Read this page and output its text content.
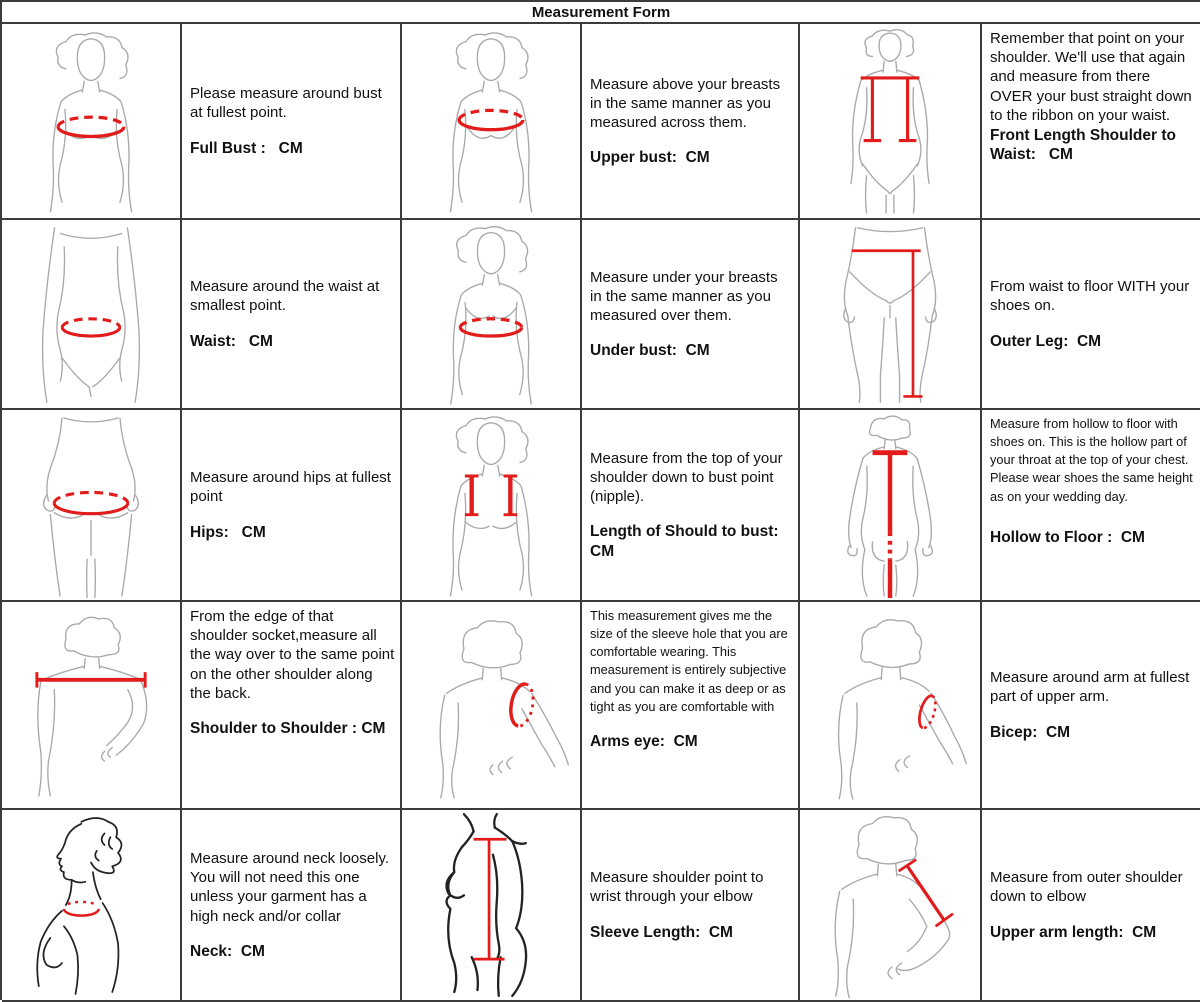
Measurement Form

Please measure around bust at fullest point.

Full Bust :   CM

Measure above your breasts in the same manner as you measured across them.

Upper bust:  CM

Remember that point on your shoulder. We'll use that again and measure from there OVER your bust straight down to the ribbon on your waist.

Front Length Shoulder to Waist:   CM

Measure around the waist at smallest point.

Waist:   CM

Measure under your breasts in the same manner as you measured over them.

Under bust:  CM

From waist to floor WITH your shoes on.

Outer Leg:  CM

Measure around hips at fullest point

Hips:   CM

Measure from the top of your shoulder down to bust point (nipple).

Length of Should to bust:  CM

Measure from hollow to floor with shoes on. This is the hollow part of your throat at the top of your chest. Please wear shoes the same height as on your wedding day.

Hollow to Floor :  CM

From the edge of that shoulder socket,measure all the way over to the same point on the other shoulder along the back.

Shoulder to Shoulder : CM

This measurement gives me the size of the sleeve hole that you are comfortable wearing. This measurement is entirely subjective and you can make it as deep or as tight as you are comfortable with

Arms eye:  CM

Measure around arm at fullest part of upper arm.

Bicep:  CM

Measure around neck loosely. You will not need this one unless your garment has a high neck and/or collar

Neck:  CM

Measure shoulder point to wrist through your elbow

Sleeve Length:  CM

Measure from outer shoulder down to elbow

Upper arm length:  CM
